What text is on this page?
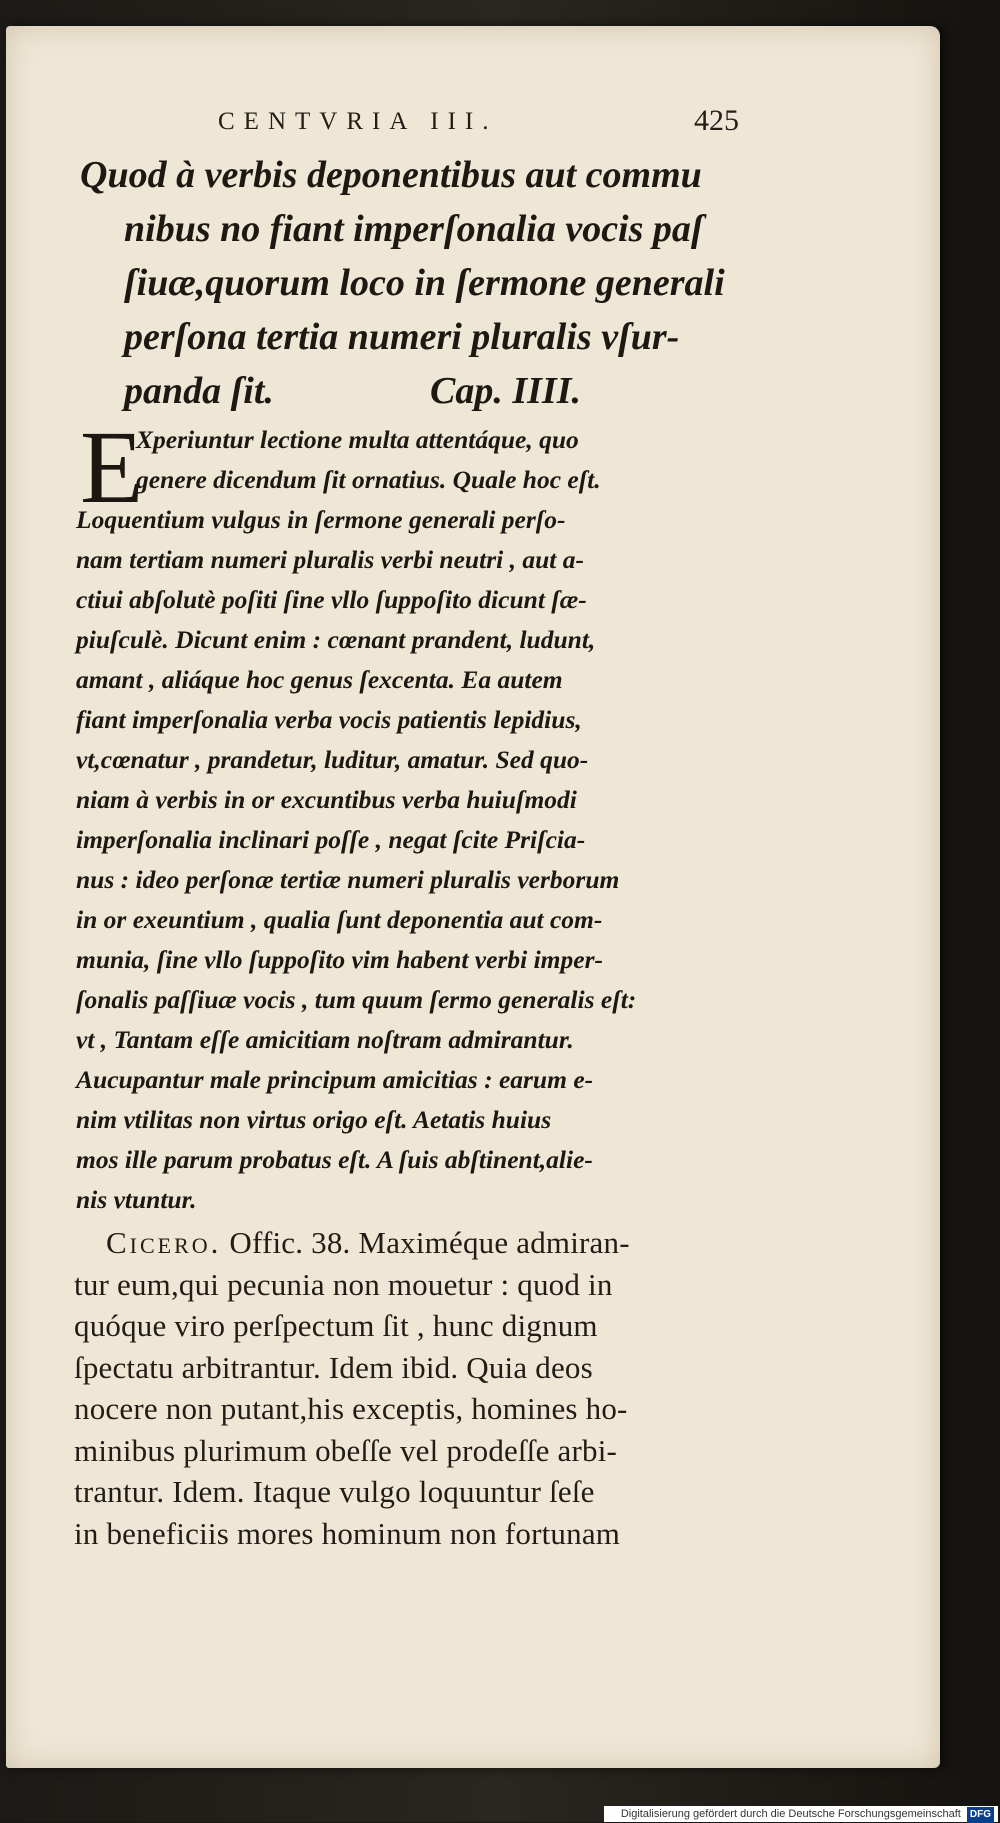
CENTVRIA III.	425
Quod à verbis deponentibus aut commu
nibus no fiant imperſonalia vocis paſ
ſiuæ,quorum loco in ſermone generali
perſona tertia numeri pluralis vſur-
panda ſit.	Cap. IIII.
E
Xperiuntur lectione multa attentáque, quo
genere dicendum ſit ornatius. Quale hoc eſt.
Loquentium vulgus in ſermone generali perſo-
nam tertiam numeri pluralis verbi neutri , aut a-
ctiui abſolutè poſiti ſine vllo ſuppoſito dicunt ſæ-
piuſculè. Dicunt enim : cœnant prandent, ludunt,
amant , aliáque hoc genus ſexcenta. Ea autem
fiant imperſonalia verba vocis patientis lepidius,
vt,cœnatur , prandetur, luditur, amatur. Sed quo-
niam à verbis in or excuntibus verba huiuſmodi
imperſonalia inclinari poſſe , negat ſcite Priſcia-
nus : ideo perſonæ tertiæ numeri pluralis verborum
in or exeuntium , qualia ſunt deponentia aut com-
munia, ſine vllo ſuppoſito vim habent verbi imper-
ſonalis paſſiuæ vocis , tum quum ſermo generalis eſt:
vt , Tantam eſſe amicitiam noſtram admirantur.
Aucupantur male principum amicitias : earum e-
nim vtilitas non virtus origo eſt. Aetatis huius
mos ille parum probatus eſt. A ſuis abſtinent,alie-
nis vtuntur.
Cicero. Offic. 38. Maximéque admiran-
tur eum,qui pecunia non mouetur : quod in
quóque viro perſpectum ſit , hunc dignum
ſpectatu arbitrantur. Idem ibid. Quia deos
nocere non putant,his exceptis, homines ho-
minibus plurimum obeſſe vel prodeſſe arbi-
trantur. Idem. Itaque vulgo loquuntur ſeſe
in beneficiis mores hominum non fortunam
Digitalisierung gefördert durch die Deutsche Forschungsgemeinschaft DFG
